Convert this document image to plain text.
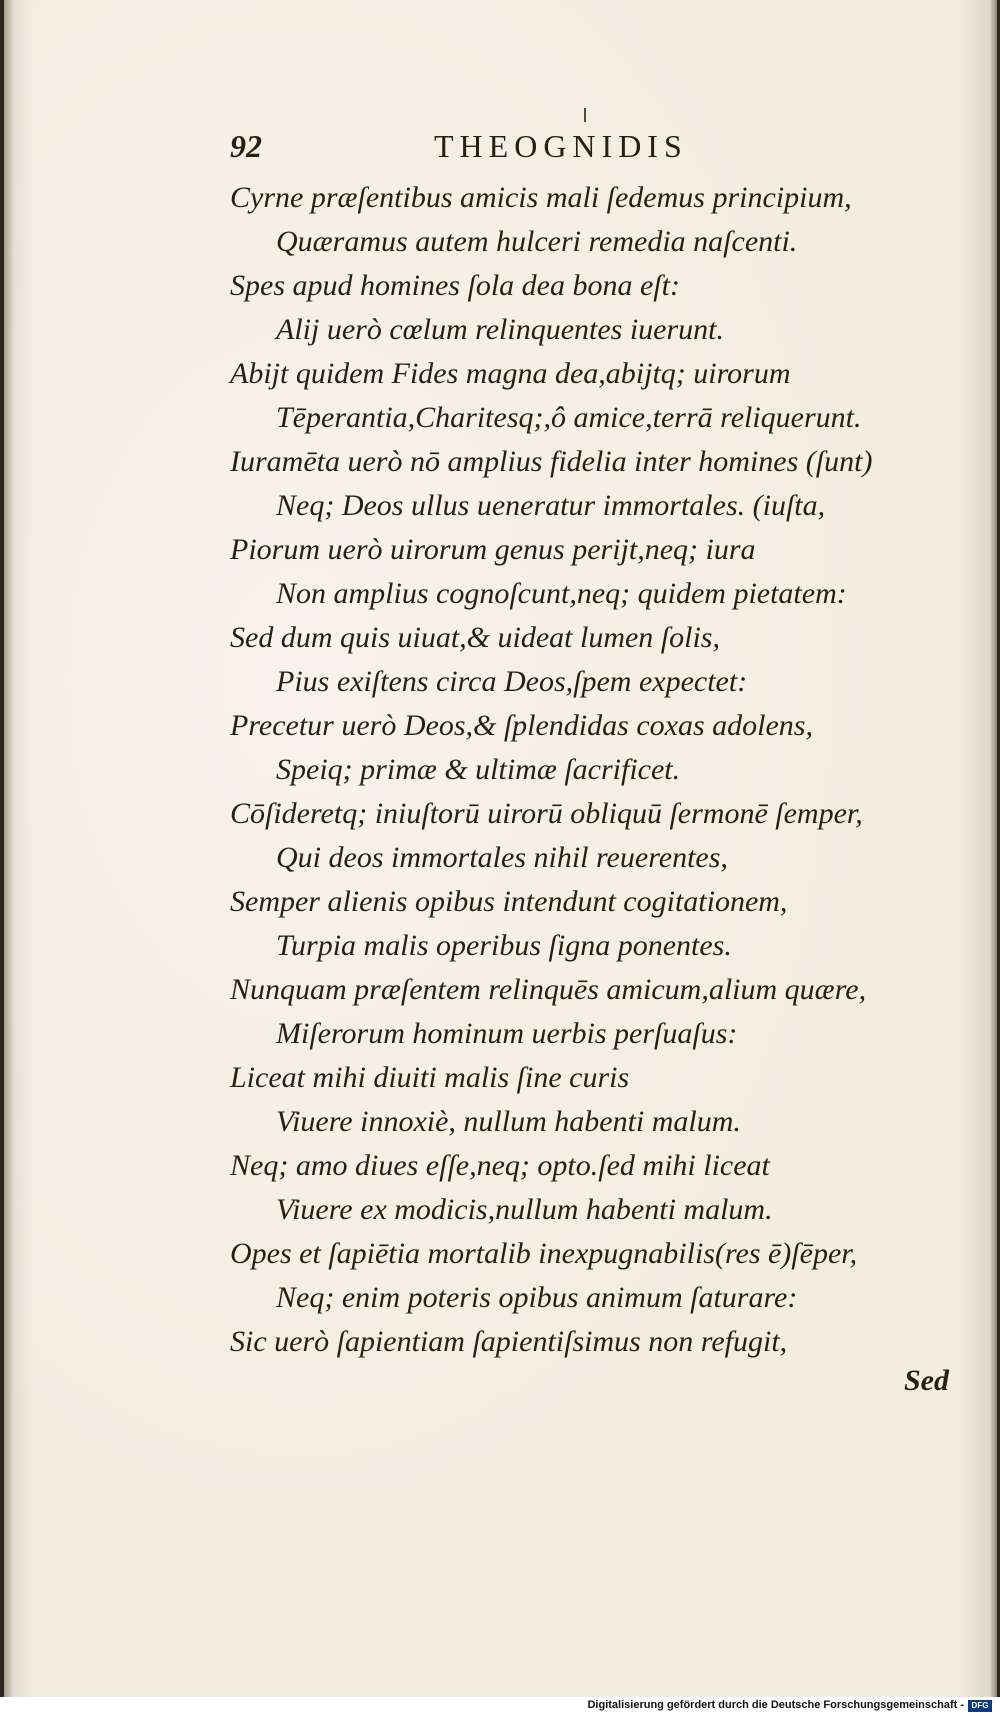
92	THEOGNIDIS
Cyrne præſentibus amicis mali ſedemus principium,
Quæramus autem hulceri remedia naſcenti.
Spes apud homines ſola dea bona eſt:
Alij uerò cœlum relinquentes iuerunt.
Abijt quidem Fides magna dea,abijtq; uirorum
Tēperantia,Charitesq;,ô amice,terrā reliquerunt.
Iuramēta uerò nō amplius fidelia inter homines (ſunt)
Neq; Deos ullus ueneratur immortales. (iuſta,
Piorum uerò uirorum genus perijt,neq; iura
Non amplius cognoſcunt,neq; quidem pietatem:
Sed dum quis uiuat,& uideat lumen ſolis,
Pius exiſtens circa Deos,ſpem expectet:
Precetur uerò Deos,& ſplendidas coxas adolens,
Speiq; primæ & ultimæ ſacrificet.
Cōſideretq; iniuſtorū uirorū obliquū ſermonē ſemper,
Qui deos immortales nihil reuerentes,
Semper alienis opibus intendunt cogitationem,
Turpia malis operibus ſigna ponentes.
Nunquam præſentem relinquēs amicum,alium quære,
Miſerorum hominum uerbis perſuaſus:
Liceat mihi diuiti malis ſine curis
Viuere innoxiè, nullum habenti malum.
Neq; amo diues eſſe,neq; opto.ſed mihi liceat
Viuere ex modicis,nullum habenti malum.
Opes et ſapiētia mortalib inexpugnabilis(res ē)ſēper,
Neq; enim poteris opibus animum ſaturare:
Sic uerò ſapientiam ſapientiſsimus non refugit,
Sed
Digitalisierung gefördert durch die Deutsche Forschungsgemeinschaft - DFG
